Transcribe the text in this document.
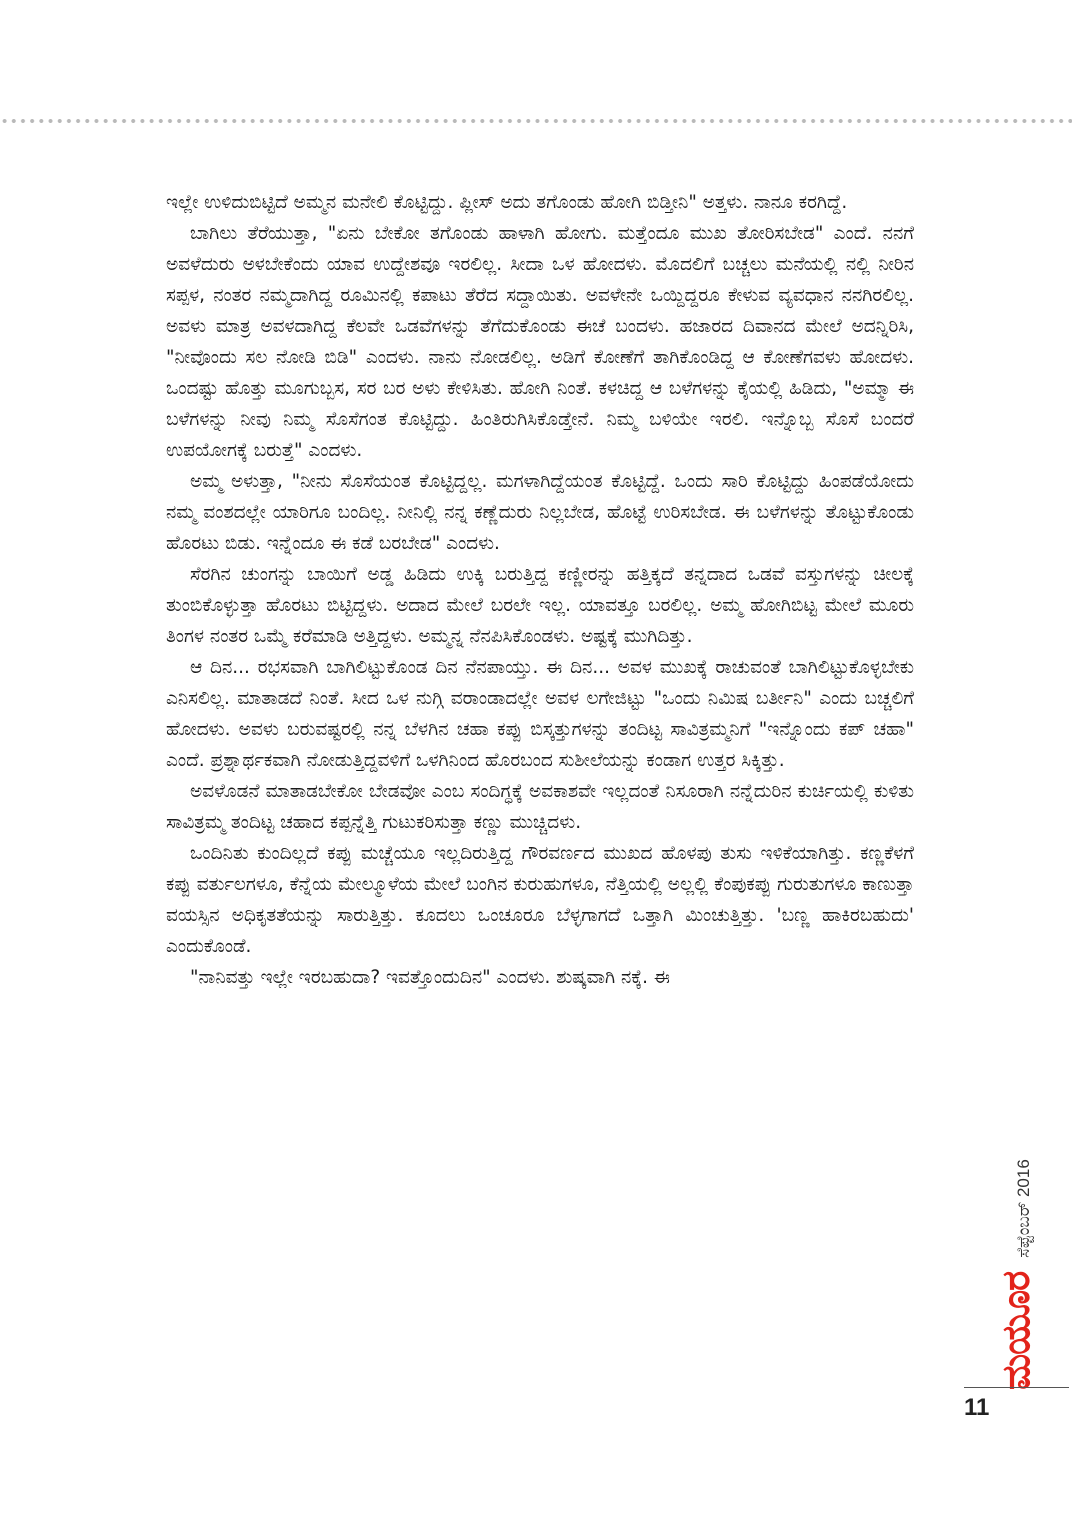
ಇಲ್ಲೇ ಉಳಿದುಬಿಟ್ಟಿದೆ ಅಮ್ಮನ ಮನೇಲಿ ಕೊಟ್ಟಿದ್ದು. ಪ್ಲೀಸ್ ಅದು ತಗೊಂಡು ಹೋಗಿ ಬಿಡ್ತೀನಿ" ಅತ್ತಳು. ನಾನೂ ಕರಗಿದ್ದೆ.

ಬಾಗಿಲು ತೆರೆಯುತ್ತಾ, "ಏನು ಬೇಕೋ ತಗೊಂಡು ಹಾಳಾಗಿ ಹೋಗು. ಮತ್ತೆಂದೂ ಮುಖ ತೋರಿಸಬೇಡ" ಎಂದೆ. ನನಗೆ ಅವಳೆದುರು ಅಳಬೇಕೆಂದು ಯಾವ ಉದ್ದೇಶವೂ ಇರಲಿಲ್ಲ. ಸೀದಾ ಒಳ ಹೋದಳು. ಮೊದಲಿಗೆ ಬಚ್ಚಲು ಮನೆಯಲ್ಲಿ ನಲ್ಲಿ ನೀರಿನ ಸಪ್ಪಳ, ನಂತರ ನಮ್ಮದಾಗಿದ್ದ ರೂಮಿನಲ್ಲಿ ಕಪಾಟು ತೆರೆದ ಸದ್ದಾಯಿತು. ಅವಳೇನೇ ಒಯ್ದಿದ್ದರೂ ಕೇಳುವ ವ್ಯವಧಾನ ನನಗಿರಲಿಲ್ಲ. ಅವಳು ಮಾತ್ರ ಅವಳದಾಗಿದ್ದ ಕೆಲವೇ ಒಡವೆಗಳನ್ನು ತೆಗೆದುಕೊಂಡು ಈಚೆ ಬಂದಳು. ಹಜಾರದ ದಿವಾನದ ಮೇಲೆ ಅದನ್ನಿರಿಸಿ, "ನೀವೊಂದು ಸಲ ನೋಡಿ ಬಿಡಿ" ಎಂದಳು. ನಾನು ನೋಡಲಿಲ್ಲ. ಅಡಿಗೆ ಕೋಣೆಗೆ ತಾಗಿಕೊಂಡಿದ್ದ ಆ ಕೋಣೆಗವಳು ಹೋದಳು. ಒಂದಷ್ಟು ಹೊತ್ತು ಮೂಗುಬ್ಬಸ, ಸರ ಬರ ಅಳು ಕೇಳಿಸಿತು. ಹೋಗಿ ನಿಂತೆ. ಕಳಚಿದ್ದ ಆ ಬಳೆಗಳನ್ನು ಕೈಯಲ್ಲಿ ಹಿಡಿದು, "ಅಮ್ಮಾ ಈ ಬಳೆಗಳನ್ನು ನೀವು ನಿಮ್ಮ ಸೊಸೆಗಂತ ಕೊಟ್ಟಿದ್ದು. ಹಿಂತಿರುಗಿಸಿಕೊಡ್ತೇನೆ. ನಿಮ್ಮ ಬಳಿಯೇ ಇರಲಿ. ಇನ್ನೊಬ್ಬ ಸೊಸೆ ಬಂದರೆ ಉಪಯೋಗಕ್ಕೆ ಬರುತ್ತೆ" ಎಂದಳು.

ಅಮ್ಮ ಅಳುತ್ತಾ, "ನೀನು ಸೊಸೆಯಂತ ಕೊಟ್ಟಿದ್ದಲ್ಲ. ಮಗಳಾಗಿದ್ದೆಯಂತ ಕೊಟ್ಟಿದ್ದೆ. ಒಂದು ಸಾರಿ ಕೊಟ್ಟಿದ್ದು ಹಿಂಪಡೆಯೋದು ನಮ್ಮ ವಂಶದಲ್ಲೇ ಯಾರಿಗೂ ಬಂದಿಲ್ಲ. ನೀನಿಲ್ಲಿ ನನ್ನ ಕಣ್ಣೆದುರು ನಿಲ್ಲಬೇಡ, ಹೊಟ್ಟೆ ಉರಿಸಬೇಡ. ಈ ಬಳೆಗಳನ್ನು ತೊಟ್ಟುಕೊಂಡು ಹೊರಟು ಬಿಡು. ಇನ್ನೆಂದೂ ಈ ಕಡೆ ಬರಬೇಡ" ಎಂದಳು.

ಸೆರಗಿನ ಚುಂಗನ್ನು ಬಾಯಿಗೆ ಅಡ್ಡ ಹಿಡಿದು ಉಕ್ಕಿ ಬರುತ್ತಿದ್ದ ಕಣ್ಣೀರನ್ನು ಹತ್ತಿಕ್ಕದೆ ತನ್ನದಾದ ಒಡವೆ ವಸ್ತುಗಳನ್ನು ಚೀಲಕ್ಕೆ ತುಂಬಿಕೊಳ್ಳುತ್ತಾ ಹೊರಟು ಬಿಟ್ಟಿದ್ದಳು. ಅದಾದ ಮೇಲೆ ಬರಲೇ ಇಲ್ಲ. ಯಾವತ್ತೂ ಬರಲಿಲ್ಲ. ಅಮ್ಮ ಹೋಗಿಬಿಟ್ಟ ಮೇಲೆ ಮೂರು ತಿಂಗಳ ನಂತರ ಒಮ್ಮೆ ಕರೆಮಾಡಿ ಅತ್ತಿದ್ದಳು. ಅಮ್ಮನ್ನ ನೆನಪಿಸಿಕೊಂಡಳು. ಅಷ್ಟಕ್ಕೆ ಮುಗಿದಿತ್ತು.

ಆ ದಿನ... ರಭಸವಾಗಿ ಬಾಗಿಲಿಟ್ಟುಕೊಂಡ ದಿನ ನೆನಪಾಯ್ತು. ಈ ದಿನ... ಅವಳ ಮುಖಕ್ಕೆ ರಾಚುವಂತೆ ಬಾಗಿಲಿಟ್ಟುಕೊಳ್ಳಬೇಕು ಎನಿಸಲಿಲ್ಲ. ಮಾತಾಡದೆ ನಿಂತೆ. ಸೀದ ಒಳ ನುಗ್ಗಿ ವರಾಂಡಾದಲ್ಲೇ ಅವಳ ಲಗೇಜಿಟ್ಟು "ಒಂದು ನಿಮಿಷ ಬರ್ತೀನಿ" ಎಂದು ಬಚ್ಚಲಿಗೆ ಹೋದಳು. ಅವಳು ಬರುವಷ್ಟರಲ್ಲಿ ನನ್ನ ಬೆಳಗಿನ ಚಹಾ ಕಪ್ಪು ಬಿಸ್ಕತ್ತುಗಳನ್ನು ತಂದಿಟ್ಟ ಸಾವಿತ್ರಮ್ಮನಿಗೆ "ಇನ್ನೊಂದು ಕಪ್ ಚಹಾ" ಎಂದೆ. ಪ್ರಶ್ನಾರ್ಥಕವಾಗಿ ನೋಡುತ್ತಿದ್ದವಳಿಗೆ ಒಳಗಿನಿಂದ ಹೊರಬಂದ ಸುಶೀಲೆಯನ್ನು ಕಂಡಾಗ ಉತ್ತರ ಸಿಕ್ಕಿತ್ತು.

ಅವಳೊಡನೆ ಮಾತಾಡಬೇಕೋ ಬೇಡವೋ ಎಂಬ ಸಂದಿಗ್ಧಕ್ಕೆ ಅವಕಾಶವೇ ಇಲ್ಲದಂತೆ ನಿಸೂರಾಗಿ ನನ್ನೆದುರಿನ ಕುರ್ಚಿಯಲ್ಲಿ ಕುಳಿತು ಸಾವಿತ್ರಮ್ಮ ತಂದಿಟ್ಟ ಚಹಾದ ಕಪ್ಪನ್ನೆತ್ತಿ ಗುಟುಕರಿಸುತ್ತಾ ಕಣ್ಣು ಮುಚ್ಚಿದಳು.

ಒಂದಿನಿತು ಕುಂದಿಲ್ಲದೆ ಕಪ್ಪು ಮಚ್ಚೆಯೂ ಇಲ್ಲದಿರುತ್ತಿದ್ದ ಗೌರವರ್ಣದ ಮುಖದ ಹೊಳಪು ತುಸು ಇಳಿಕೆಯಾಗಿತ್ತು. ಕಣ್ಣಕೆಳಗೆ ಕಪ್ಪು ವರ್ತುಲಗಳೂ, ಕೆನ್ನೆಯ ಮೇಲ್ಮೂಳೆಯ ಮೇಲೆ ಬಂಗಿನ ಕುರುಹುಗಳೂ, ನೆತ್ತಿಯಲ್ಲಿ ಅಲ್ಲಲ್ಲಿ ಕೆಂಪುಕಪ್ಪು ಗುರುತುಗಳೂ ಕಾಣುತ್ತಾ ವಯಸ್ಸಿನ ಅಧಿಕೃತತೆಯನ್ನು ಸಾರುತ್ತಿತ್ತು. ಕೂದಲು ಒಂಚೂರೂ ಬೆಳ್ಳಗಾಗದೆ ಒತ್ತಾಗಿ ಮಿಂಚುತ್ತಿತ್ತು. 'ಬಣ್ಣ ಹಾಕಿರಬಹುದು' ಎಂದುಕೊಂಡೆ.

"ನಾನಿವತ್ತು ಇಲ್ಲೇ ಇರಬಹುದಾ? ಇವತ್ತೊಂದುದಿನ" ಎಂದಳು. ಶುಷ್ಕವಾಗಿ ನಕ್ಕೆ. ಈ

ಮಯೂರ
ಸೆಪ್ಟೆಂಬರ್ 2016
11
